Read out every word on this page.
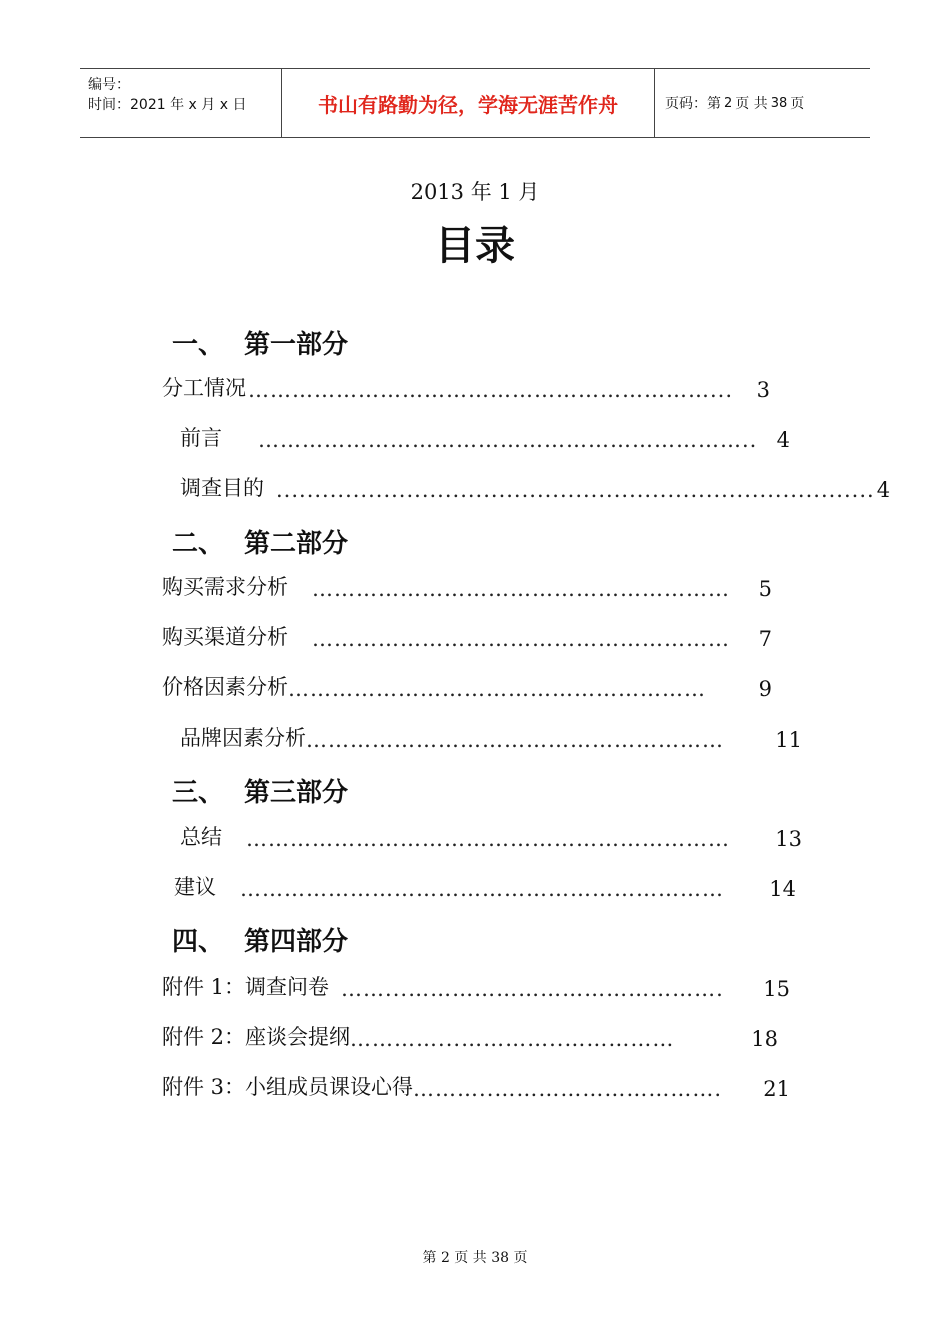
编号：
时间：2021 年 x 月 x 日	书山有路勤为径，学海无涯苦作舟	页码：第 2 页 共 38 页
2013 年 1 月
目录
一、 第一部分
分工情况 ………………………………………………………...	3
前言 ………………………………………………………….. 4
调查目的 .............................................................................. 4
二、 第二部分
购买需求分析 …………………………………………………	5
购买渠道分析 …………………………………………………	7
价格因素分析 …………………………………………………	9
品牌因素分析 …………………………………………………	11
三、 第三部分
总结 …………………………………………………………	13
建议 …………………………………………………………	14
四、 第四部分
附件 1：调查问卷 ……...…………………………………….	15
附件 2：座谈会提纲 …………...…………..……………	18
附件 3：小组成员课设心得 ………..………………………….	21
第 2 页 共 38 页
